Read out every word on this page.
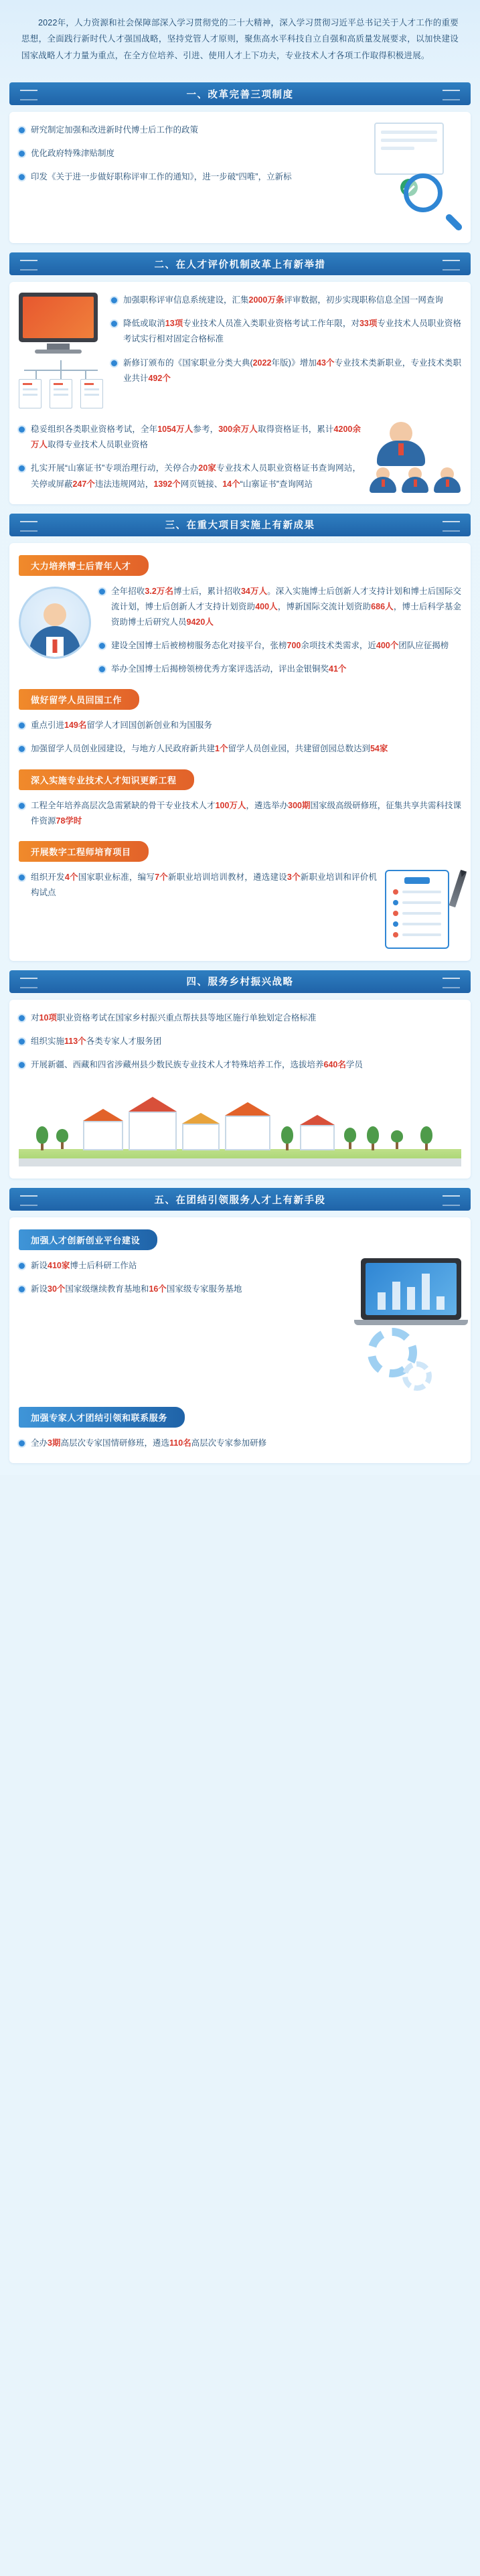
2022年，人力资源和社会保障部深入学习贯彻党的二十大精神，深入学习贯彻习近平总书记关于人才工作的重要思想，全面践行新时代人才强国战略，坚持党管人才原则，聚焦高水平科技自立自强和高质量发展要求，以加快建设国家战略人才力量为重点，在全方位培养、引进、使用人才上下功夫，专业技术人才各项工作取得积极进展。
一、改革完善三项制度
研究制定加强和改进新时代博士后工作的政策
优化政府特殊津贴制度
印发《关于进一步做好职称评审工作的通知》，进一步破“四唯”，立新标
二、在人才评价机制改革上有新举措
加强职称评审信息系统建设，汇集2000万条评审数据，初步实现职称信息全国一网查询
降低或取消13项专业技术人员准入类职业资格考试工作年限，对33项专业技术人员职业资格考试实行相对固定合格标准
新修订颁布的《国家职业分类大典(2022年版)》增加43个专业技术类新职业，专业技术类职业共计492个
稳妥组织各类职业资格考试，全年1054万人参考，300余万人取得资格证书，累计4200余万人取得专业技术人员职业资格
扎实开展“山寨证书”专项治理行动，关停合办20家专业技术人员职业资格证书查询网站，关停或屏蔽247个违法违规网站，1392个网页链接、14个“山寨证书”查询网站
三、在重大项目实施上有新成果
大力培养博士后青年人才
全年招收3.2万名博士后，累计招收34万人。深入实施博士后创新人才支持计划和博士后国际交流计划，博士后创新人才支持计划资助400人，博新国际交流计划资助686人，博士后科学基金资助博士后研究人员9420人
建设全国博士后被榜榜服务态化对接平台，张榜700余项技术类需求，近400个团队应征揭榜
举办全国博士后揭榜领榜优秀方案评选活动，评出金银铜奖41个
做好留学人员回国工作
重点引进149名留学人才回国创新创业和为国服务
加强留学人员创业园建设，与地方人民政府新共建1个留学人员创业园，共建留创园总数达到54家
深入实施专业技术人才知识更新工程
工程全年培养高层次急需紧缺的骨干专业技术人才100万人，遴选举办300期国家级高级研修班，征集共享共需科技课件资源78学时
开展数字工程师培育项目
组织开发4个国家职业标准，编写7个新职业培训培训教材，遴选建设3个新职业培训和评价机构试点
四、服务乡村振兴战略
对10项职业资格考试在国家乡村振兴重点帮扶县等地区施行单独划定合格标准
组织实施113个各类专家人才服务团
开展新疆、西藏和四省涉藏州县少数民族专业技术人才特殊培养工作，选拔培养640名学员
五、在团结引领服务人才上有新手段
加强人才创新创业平台建设
新设410家博士后科研工作站
新设30个国家级继续教育基地和16个国家级专家服务基地
加强专家人才团结引领和联系服务
全办3期高层次专家国情研修班，遴选110名高层次专家参加研修
